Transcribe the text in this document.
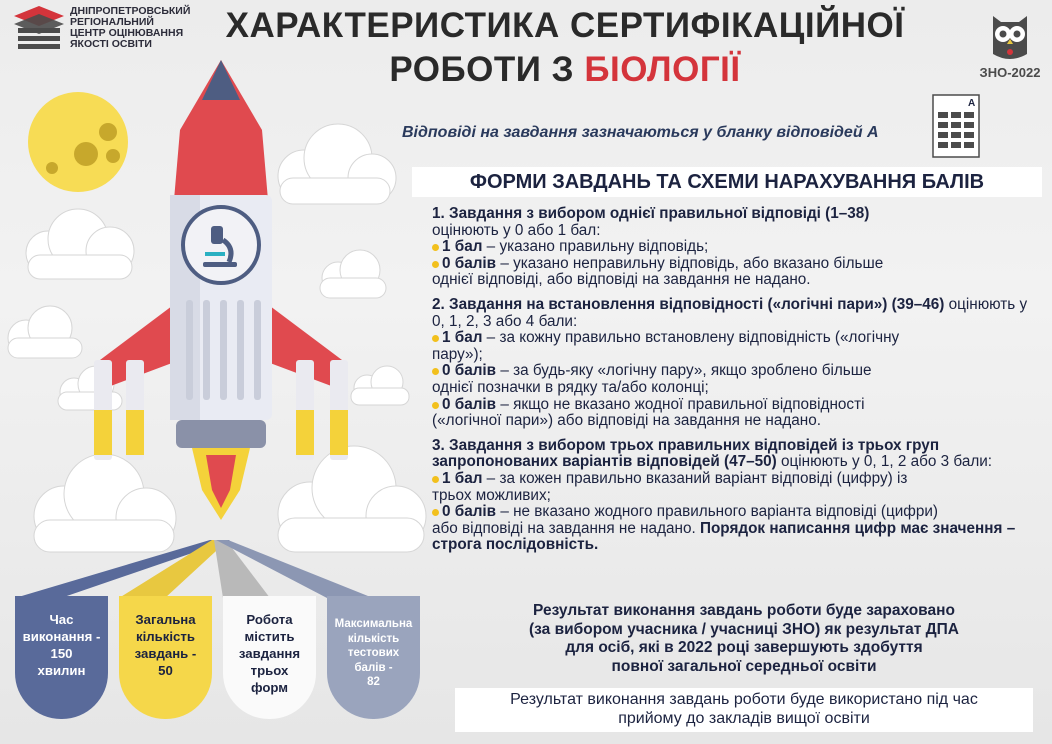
ДНІПРОПЕТРОВСЬКИЙ
РЕГІОНАЛЬНИЙ
ЦЕНТР ОЦІНЮВАННЯ
ЯКОСТІ ОСВІТИ	ХАРАКТЕРИСТИКА СЕРТИФІКАЦІЙНОЇ
РОБОТИ З БІОЛОГІЇ	ЗНО-2022
Відповіді на завдання зазначаються у бланку відповідей А
А
ФОРМИ ЗАВДАНЬ ТА СХЕМИ НАРАХУВАННЯ БАЛІВ
1. Завдання з вибором однієї правильної відповіді (1–38)
оцінюють у 0 або 1 бал:
1 бал – указано правильну відповідь;
0 балів – указано неправильну відповідь, або вказано більше
однієї відповіді, або відповіді на завдання не надано.
2. Завдання на встановлення відповідності («логічні пари») (39–46) оцінюють у 0, 1, 2, 3 або 4 бали:
1 бал – за кожну правильно встановлену відповідність («логічну
пару»);
0 балів – за будь-яку «логічну пару», якщо зроблено більше
однієї позначки в рядку та/або колонці;
0 балів – якщо не вказано жодної правильної відповідності
(«логічної пари») або відповіді на завдання не надано.
3. Завдання з вибором трьох правильних відповідей із трьох груп запропонованих варіантів відповідей (47–50) оцінюють у 0, 1, 2 або 3 бали:
1 бал – за кожен правильно вказаний варіант відповіді (цифру) із
трьох можливих;
0 балів – не вказано жодного правильного варіанта відповіді (цифри)
або відповіді на завдання не надано. Порядок написання цифр має значення – строга послідовність.
Результат виконання завдань роботи буде зараховано
(за вибором учасника / учасниці ЗНО) як результат ДПА
для осіб, які в 2022 році завершують здобуття
повної загальної середньої освіти
Результат виконання завдань роботи буде використано під час
прийому до закладів вищої освіти
Час
виконання -
150
хвилин
Загальна
кількість
завдань -
50
Робота
містить
завдання
трьох
форм
Максимальна
кількість
тестових
балів -
82
